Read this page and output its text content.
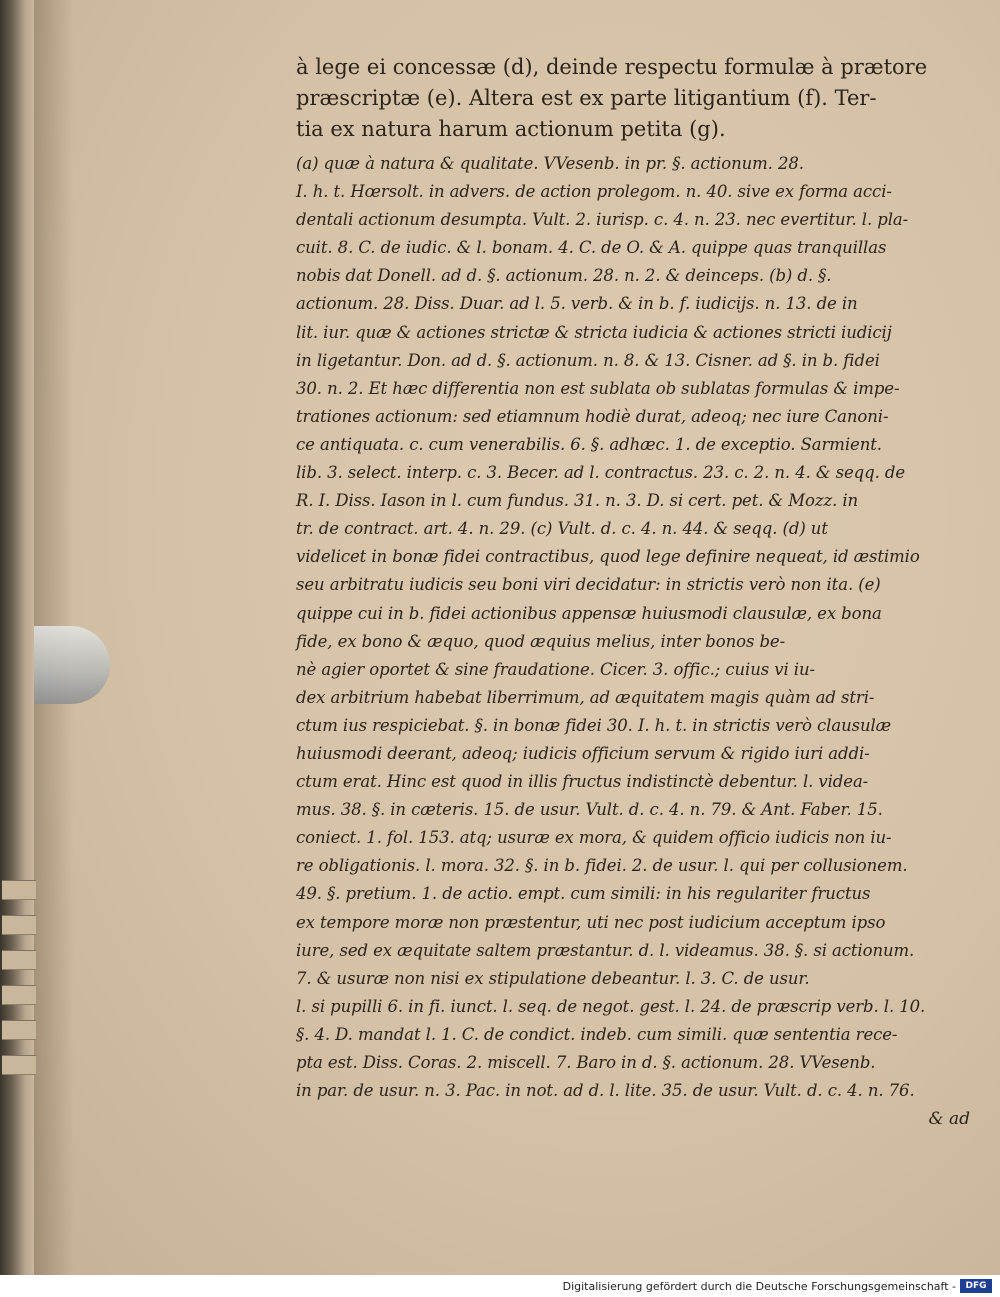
à lege ei concessæ (d), deinde respectu formulæ à prætore
præscriptæ (e). Altera est ex parte litigantium (f). Ter-
tia ex natura harum actionum petita (g).
(a) quæ à natura & qualitate. VVesenb. in pr. §. actionum. 28.
I. h. t. Hœrsolt. in advers. de action prolegom. n. 40. sive ex forma acci-
dentali actionum desumpta. Vult. 2. iurisp. c. 4. n. 23. nec evertitur. l. pla-
cuit. 8. C. de iudic. & l. bonam. 4. C. de O. & A. quippe quas tranquillas
nobis dat Donell. ad d. §. actionum. 28. n. 2. & deinceps. (b) d. §.
actionum. 28. Diss. Duar. ad l. 5. verb. & in b. f. iudicijs. n. 13. de in
lit. iur. quæ & actiones strictæ & stricta iudicia & actiones stricti iudicij
in ligetantur. Don. ad d. §. actionum. n. 8. & 13. Cisner. ad §. in b. fidei
30. n. 2. Et hæc differentia non est sublata ob sublatas formulas & impe-
trationes actionum: sed etiamnum hodiè durat, adeoq; nec iure Canoni-
ce antiquata. c. cum venerabilis. 6. §. adhæc. 1. de exceptio. Sarmient.
lib. 3. select. interp. c. 3. Becer. ad l. contractus. 23. c. 2. n. 4. & seqq. de
R. I. Diss. Iason in l. cum fundus. 31. n. 3. D. si cert. pet. & Mozz. in
tr. de contract. art. 4. n. 29. (c) Vult. d. c. 4. n. 44. & seqq. (d) ut
videlicet in bonæ fidei contractibus, quod lege definire nequeat, id æstimio
seu arbitratu iudicis seu boni viri decidatur: in strictis verò non ita. (e)
quippe cui in b. fidei actionibus appensæ huiusmodi clausulæ, ex bona
fide, ex bono & æquo, quod æquius melius, inter bonos be-
nè agier oportet & sine fraudatione. Cicer. 3. offic.; cuius vi iu-
dex arbitrium habebat liberrimum, ad æquitatem magis quàm ad stri-
ctum ius respiciebat. §. in bonæ fidei 30. I. h. t. in strictis verò clausulæ
huiusmodi deerant, adeoq; iudicis officium servum & rigido iuri addi-
ctum erat. Hinc est quod in illis fructus indistinctè debentur. l. videa-
mus. 38. §. in cæteris. 15. de usur. Vult. d. c. 4. n. 79. & Ant. Faber. 15.
coniect. 1. fol. 153. atq; usuræ ex mora, & quidem officio iudicis non iu-
re obligationis. l. mora. 32. §. in b. fidei. 2. de usur. l. qui per collusionem.
49. §. pretium. 1. de actio. empt. cum simili: in his regulariter fructus
ex tempore moræ non præstentur, uti nec post iudicium acceptum ipso
iure, sed ex æquitate saltem præstantur. d. l. videamus. 38. §. si actionum.
7. & usuræ non nisi ex stipulatione debeantur. l. 3. C. de usur.
l. si pupilli 6. in fi. iunct. l. seq. de negot. gest. l. 24. de præscrip verb. l. 10.
§. 4. D. mandat l. 1. C. de condict. indeb. cum simili. quæ sententia rece-
pta est. Diss. Coras. 2. miscell. 7. Baro in d. §. actionum. 28. VVesenb.
in par. de usur. n. 3. Pac. in not. ad d. l. lite. 35. de usur. Vult. d. c. 4. n. 76.
& ad
Digitalisierung gefördert durch die Deutsche Forschungsgemeinschaft -	DFG
